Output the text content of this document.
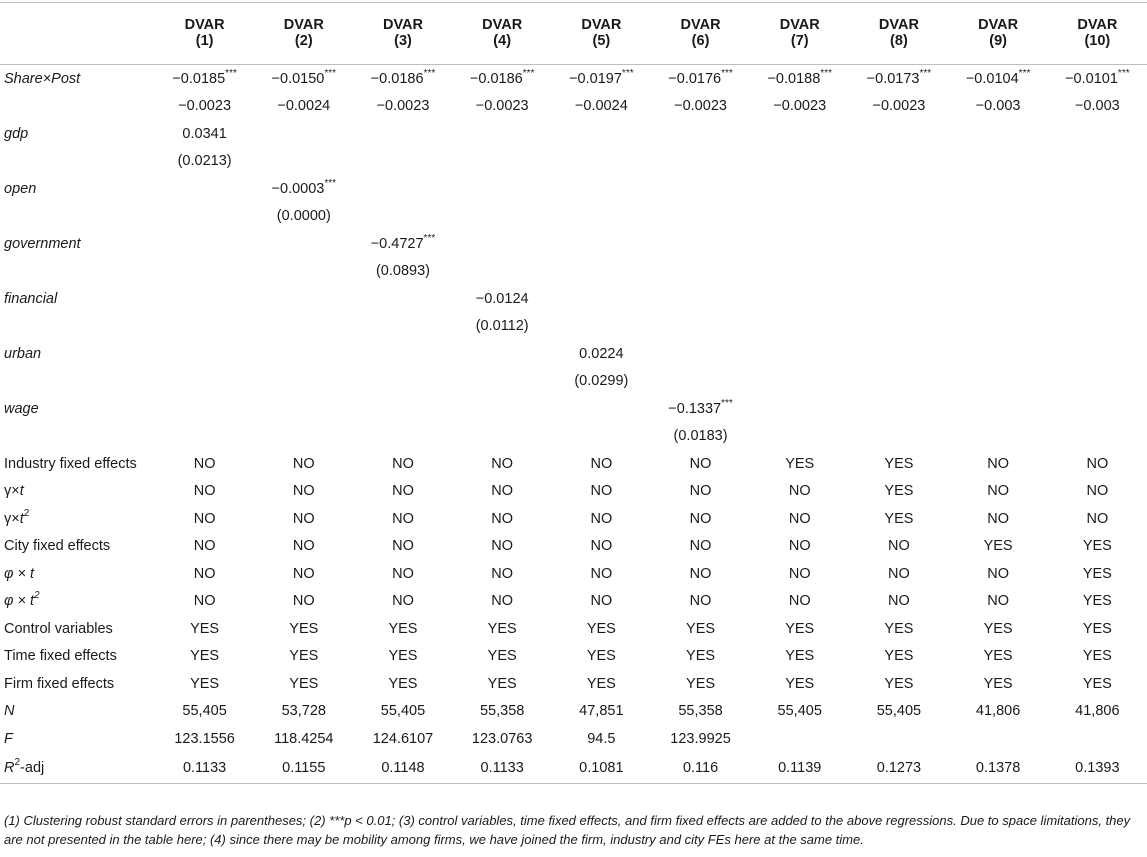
	DVAR	DVAR	DVAR	DVAR	DVAR	DVAR	DVAR	DVAR	DVAR	DVAR
	(1)	(2)	(3)	(4)	(5)	(6)	(7)	(8)	(9)	(10)
Share×Post	−0.0185***	−0.0150***	−0.0186***	−0.0186***	−0.0197***	−0.0176***	−0.0188***	−0.0173***	−0.0104***	−0.0101***
	−0.0023	−0.0024	−0.0023	−0.0023	−0.0024	−0.0023	−0.0023	−0.0023	−0.003	−0.003
gdp	0.0341									
	(0.0213)									
open		−0.0003***								
		(0.0000)								
government			−0.4727***							
			(0.0893)							
financial				−0.0124						
				(0.0112)						
urban					0.0224					
					(0.0299)					
wage						−0.1337***				
						(0.0183)				
Industry fixed effects	NO	NO	NO	NO	NO	NO	YES	YES	NO	NO
γ×t	NO	NO	NO	NO	NO	NO	NO	YES	NO	NO
$\gamma\times t^2$	NO	NO	NO	NO	NO	NO	NO	YES	NO	NO
City fixed effects	NO	NO	NO	NO	NO	NO	NO	NO	YES	YES
φ × t	NO	NO	NO	NO	NO	NO	NO	NO	NO	YES
$\varphi \times t^2$	NO	NO	NO	NO	NO	NO	NO	NO	NO	YES
Control variables	YES	YES	YES	YES	YES	YES	YES	YES	YES	YES
Time fixed effects	YES	YES	YES	YES	YES	YES	YES	YES	YES	YES
Firm fixed effects	YES	YES	YES	YES	YES	YES	YES	YES	YES	YES
N	55,405	53,728	55,405	55,358	47,851	55,358	55,405	55,405	41,806	41,806
F	123.1556	118.4254	124.6107	123.0763	94.5	123.9925				
$R^2$-adj	0.1133	0.1155	0.1148	0.1133	0.1081	0.116	0.1139	0.1273	0.1378	0.1393
(1) Clustering robust standard errors in parentheses; (2) ***p < 0.01; (3) control variables, time fixed effects, and firm fixed effects are added to the above regressions. Due to space limitations, they are not presented in the table here; (4) since there may be mobility among firms, we have joined the firm, industry and city FEs here at the same time.
